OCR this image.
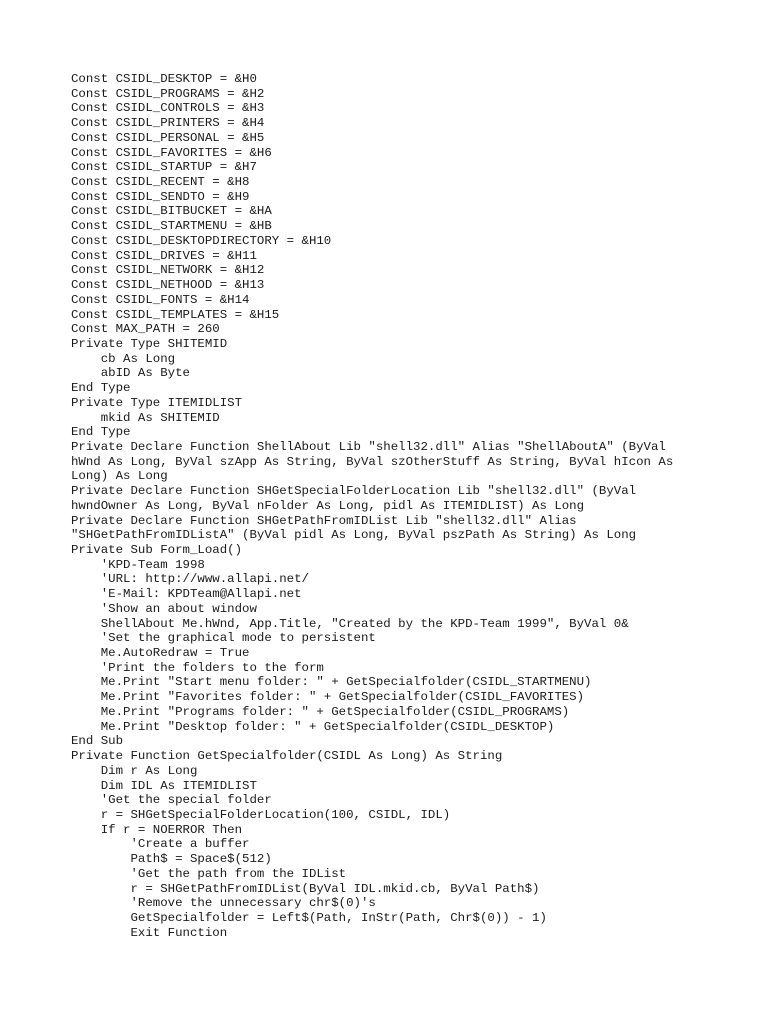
Const CSIDL_DESKTOP = &H0
Const CSIDL_PROGRAMS = &H2
Const CSIDL_CONTROLS = &H3
Const CSIDL_PRINTERS = &H4
Const CSIDL_PERSONAL = &H5
Const CSIDL_FAVORITES = &H6
Const CSIDL_STARTUP = &H7
Const CSIDL_RECENT = &H8
Const CSIDL_SENDTO = &H9
Const CSIDL_BITBUCKET = &HA
Const CSIDL_STARTMENU = &HB
Const CSIDL_DESKTOPDIRECTORY = &H10
Const CSIDL_DRIVES = &H11
Const CSIDL_NETWORK = &H12
Const CSIDL_NETHOOD = &H13
Const CSIDL_FONTS = &H14
Const CSIDL_TEMPLATES = &H15
Const MAX_PATH = 260
Private Type SHITEMID
cb As Long
abID As Byte
End Type
Private Type ITEMIDLIST
mkid As SHITEMID
End Type
Private Declare Function ShellAbout Lib "shell32.dll" Alias "ShellAboutA" (ByVal
hWnd As Long, ByVal szApp As String, ByVal szOtherStuff As String, ByVal hIcon As
Long) As Long
Private Declare Function SHGetSpecialFolderLocation Lib "shell32.dll" (ByVal
hwndOwner As Long, ByVal nFolder As Long, pidl As ITEMIDLIST) As Long
Private Declare Function SHGetPathFromIDList Lib "shell32.dll" Alias
"SHGetPathFromIDListA" (ByVal pidl As Long, ByVal pszPath As String) As Long
Private Sub Form_Load()
'KPD-Team 1998
'URL: http://www.allapi.net/
'E-Mail: KPDTeam@Allapi.net
'Show an about window
ShellAbout Me.hWnd, App.Title, "Created by the KPD-Team 1999", ByVal 0&
'Set the graphical mode to persistent
Me.AutoRedraw = True
'Print the folders to the form
Me.Print "Start menu folder: " + GetSpecialfolder(CSIDL_STARTMENU)
Me.Print "Favorites folder: " + GetSpecialfolder(CSIDL_FAVORITES)
Me.Print "Programs folder: " + GetSpecialfolder(CSIDL_PROGRAMS)
Me.Print "Desktop folder: " + GetSpecialfolder(CSIDL_DESKTOP)
End Sub
Private Function GetSpecialfolder(CSIDL As Long) As String
Dim r As Long
Dim IDL As ITEMIDLIST
'Get the special folder
r = SHGetSpecialFolderLocation(100, CSIDL, IDL)
If r = NOERROR Then
'Create a buffer
Path$ = Space$(512)
'Get the path from the IDList
r = SHGetPathFromIDList(ByVal IDL.mkid.cb, ByVal Path$)
'Remove the unnecessary chr$(0)'s
GetSpecialfolder = Left$(Path, InStr(Path, Chr$(0)) - 1)
Exit Function
